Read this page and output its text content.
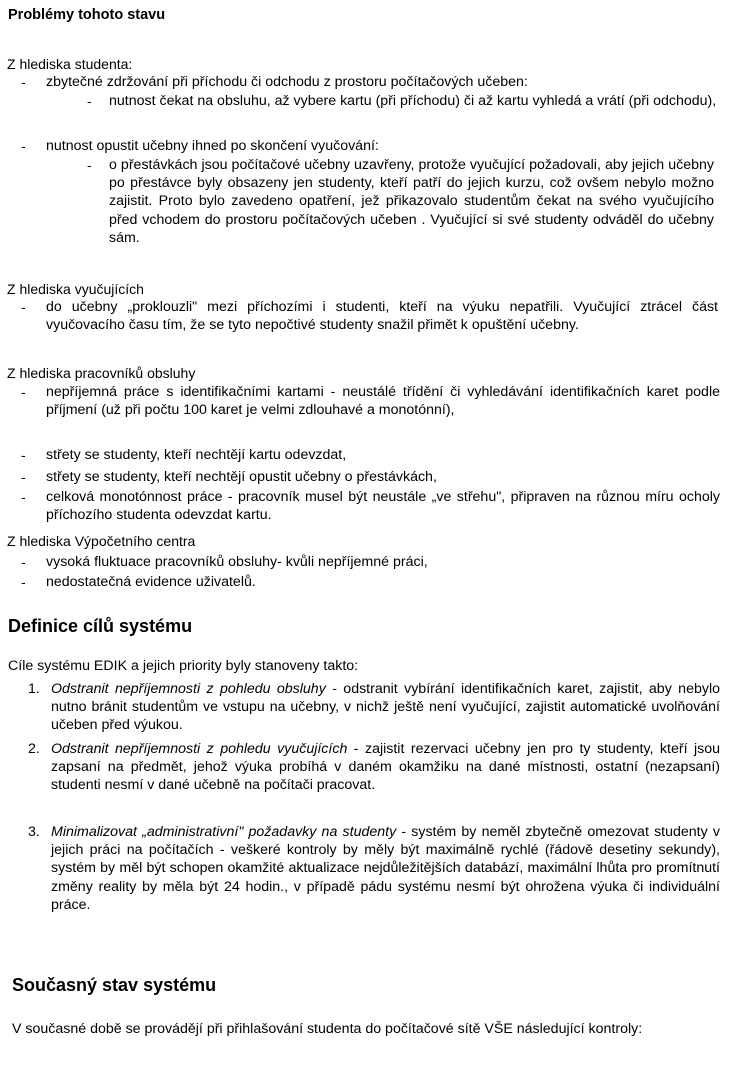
Problémy tohoto stavu
Z hlediska studenta:
- zbytečné zdržování při příchodu či odchodu z prostoru počítačových učeben:
- nutnost čekat na obsluhu, až vybere kartu (při příchodu) či až kartu vyhledá a vrátí (při odchodu),

- nutnost opustit učebny ihned po skončení vyučování:
- o přestávkách jsou počítačové učebny uzavřeny, protože vyučující požadovali, aby jejich učebny po přestávce byly obsazeny jen studenty, kteří patří do jejich kurzu, což ovšem nebylo možno zajistit. Proto bylo zavedeno opatření, jež přikazovalo studentům čekat na svého vyučujícího před vchodem do prostoru počítačových učeben . Vyučující si své studenty odváděl do učebny sám.

Z hlediska vyučujících
- do učebny „proklouzli" mezi příchozími i studenti, kteří na výuku nepatřili. Vyučující ztrácel část vyučovacího času tím, že se tyto nepočtivé studenty snažil přimět k opuštění učebny.

Z hlediska pracovníků obsluhy
- nepříjemná práce s identifikačními kartami - neustálé třídění či vyhledávání identifikačních karet podle příjmení (už při počtu 100 karet je velmi zdlouhavé a monotónní),

- střety se studenty, kteří nechtějí kartu odevzdat,
- střety se studenty, kteří nechtějí opustit učebny o přestávkách,
- celková monotónnost práce - pracovník musel být neustále „ve střehu", připraven na různou míru ocholy příchozího studenta odevzdat kartu.

Z hlediska Výpočetního centra
- vysoká fluktuace pracovníků obsluhy- kvůli nepříjemné práci,
- nedostatečná evidence uživatelů.
Definice cílů systému
Cíle systému EDIK a jejich priority byly stanoveny takto:
1. Odstranit nepříjemnosti z pohledu obsluhy - odstranit vybírání identifikačních karet, zajistit, aby nebylo nutno bránit studentům ve vstupu na učebny, v nichž ještě není vyučující, zajistit automatické uvolňování učeben před výukou.

2. Odstranit nepříjemnosti z pohledu vyučujících - zajistit rezervaci učebny jen pro ty studenty, kteří jsou zapsaní na předmět, jehož výuka probíhá v daném okamžiku na dané místnosti, ostatní (nezapsaní) studenti nesmí v dané učebně na počítači pracovat.

3. Minimalizovat „administrativní" požadavky na studenty - systém by neměl zbytečně omezovat studenty v jejich práci na počítačích - veškeré kontroly by měly být maximálně rychlé (řádově desetiny sekundy), systém by měl být schopen okamžité aktualizace nejdůležitějších databází, maximální lhůta pro promítnutí změny reality by měla být 24 hodin., v případě pádu systému nesmí být ohrožena výuka či individuální práce.

Současný stav systému

V současné době se provádějí při přihlašování studenta do počítačové sítě VŠE následující kontroly:
